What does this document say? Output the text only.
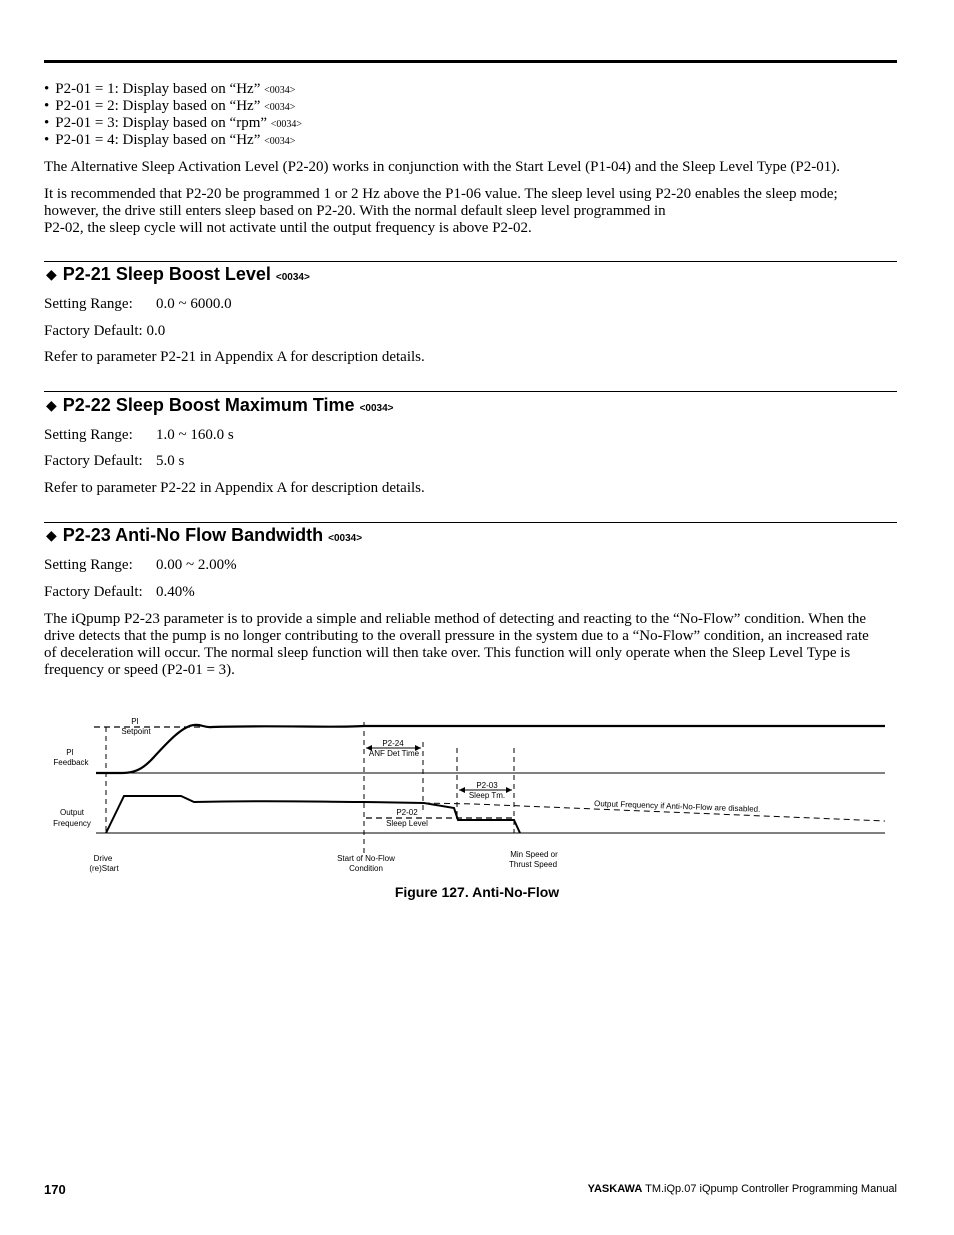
• P2-01 = 1: Display based on “Hz” <0034>
• P2-01 = 2: Display based on “Hz” <0034>
• P2-01 = 3: Display based on “rpm” <0034>
• P2-01 = 4: Display based on “Hz” <0034>

The Alternative Sleep Activation Level (P2-20) works in conjunction with the Start Level (P1-04) and the Sleep Level Type (P2-01).

It is recommended that P2-20 be programmed 1 or 2 Hz above the P1-06 value. The sleep level using P2-20 enables the sleep mode;
however, the drive still enters sleep based on P2-20. With the normal default sleep level programmed in
P2-02, the sleep cycle will not activate until the output frequency is above P2-02.
◆ P2-21 Sleep Boost Level <0034>
Setting Range: 0.0 ~ 6000.0
Factory Default: 0.0
Refer to parameter P2-21 in Appendix A for description details.
◆ P2-22 Sleep Boost Maximum Time <0034>
Setting Range: 1.0 ~ 160.0 s
Factory Default: 5.0 s
Refer to parameter P2-22 in Appendix A for description details.
◆ P2-23 Anti-No Flow Bandwidth <0034>
Setting Range: 0.00 ~ 2.00%
Factory Default: 0.40%
The iQpump P2-23 parameter is to provide a simple and reliable method of detecting and reacting to the “No-Flow” condition. When the
drive detects that the pump is no longer contributing to the overall pressure in the system due to a “No-Flow” condition, an increased rate
of deceleration will occur. The normal sleep function will then take over. This function will only operate when the Sleep Level Type is
frequency or speed (P2-01 = 3).
PI
Setpoint
PI
Feedback
Output
Frequency
P2-24
ANF Det Time
P2-03
Sleep Tm.
P2-02
Sleep Level
Output Frequency if Anti-No-Flow are disabled.
Drive
(re)Start
Start of No-Flow
Condition
Min Speed or
Thrust Speed
Figure 127. Anti-No-Flow
170	YASKAWA TM.iQp.07 iQpump Controller Programming Manual
